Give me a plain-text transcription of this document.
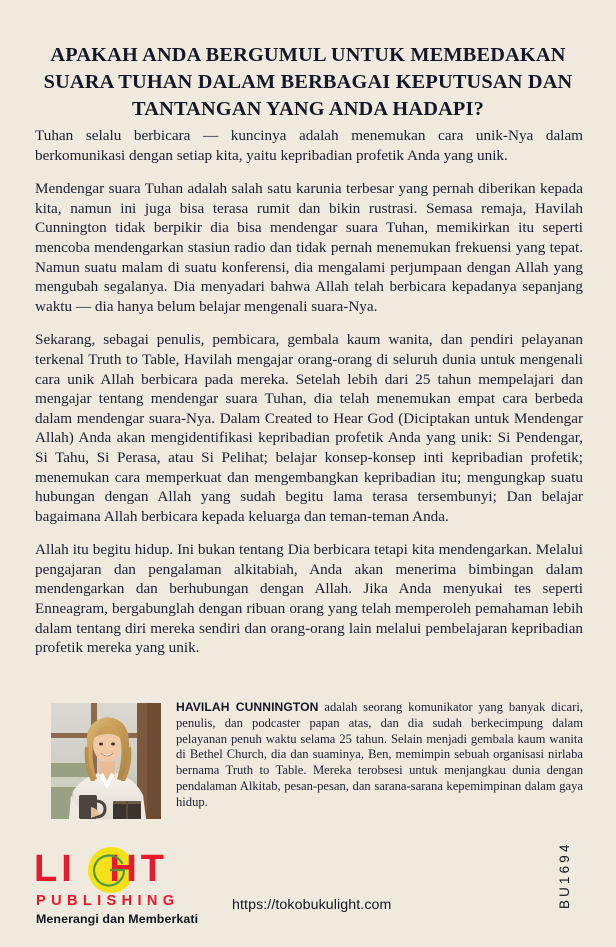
APAKAH ANDA BERGUMUL UNTUK MEMBEDAKAN SUARA TUHAN DALAM BERBAGAI KEPUTUSAN DAN TANTANGAN YANG ANDA HADAPI?

Tuhan selalu berbicara — kuncinya adalah menemukan cara unik-Nya dalam berkomunikasi dengan setiap kita, yaitu kepribadian profetik Anda yang unik.

Mendengar suara Tuhan adalah salah satu karunia terbesar yang pernah diberikan kepada kita, namun ini juga bisa terasa rumit dan bikin rustrasi. Semasa remaja, Havilah Cunnington tidak berpikir dia bisa mendengar suara Tuhan, memikirkan itu seperti mencoba mendengarkan stasiun radio dan tidak pernah menemukan frekuensi yang tepat. Namun suatu malam di suatu konferensi, dia mengalami perjumpaan dengan Allah yang mengubah segalanya. Dia menyadari bahwa Allah telah berbicara kepadanya sepanjang waktu — dia hanya belum belajar mengenali suara-Nya.

Sekarang, sebagai penulis, pembicara, gembala kaum wanita, dan pendiri pelayanan terkenal Truth to Table, Havilah mengajar orang-orang di seluruh dunia untuk mengenali cara unik Allah berbicara pada mereka. Setelah lebih dari 25 tahun mempelajari dan mengajar tentang mendengar suara Tuhan, dia telah menemukan empat cara berbeda dalam mendengar suara-Nya. Dalam Created to Hear God (Diciptakan untuk Mendengar Allah) Anda akan mengidentifikasi kepribadian profetik Anda yang unik: Si Pendengar, Si Tahu, Si Perasa, atau Si Pelihat; belajar konsep-konsep inti kepribadian profetik; menemukan cara memperkuat dan mengembangkan kepribadian itu; mengungkap suatu hubungan dengan Allah yang sudah begitu lama terasa tersembunyi; Dan belajar bagaimana Allah berbicara kepada keluarga dan teman-teman Anda.

Allah itu begitu hidup. Ini bukan tentang Dia berbicara tetapi kita mendengarkan. Melalui pengajaran dan pengalaman alkitabiah, Anda akan menerima bimbingan dalam mendengarkan dan berhubungan dengan Allah. Jika Anda menyukai tes seperti Enneagram, bergabunglah dengan ribuan orang yang telah memperoleh pemahaman lebih dalam tentang diri mereka sendiri dan orang-orang lain melalui pembelajaran kepribadian profetik mereka yang unik.

HAVILAH CUNNINGTON adalah seorang komunikator yang banyak dicari, penulis, dan podcaster papan atas, dan dia sudah berkecimpung dalam pelayanan penuh waktu selama 25 tahun. Selain menjadi gembala kaum wanita di Bethel Church, dia dan suaminya, Ben, memimpin sebuah organisasi nirlaba bernama Truth to Table. Mereka terobsesi untuk menjangkau dunia dengan pendalaman Alkitab, pesan-pesan, dan sarana-sarana kepemimpinan dalam gaya hidup.

LI HT
PUBLISHING
Menerangi dan Memberkati
https://tokobukulight.com	BU1694
